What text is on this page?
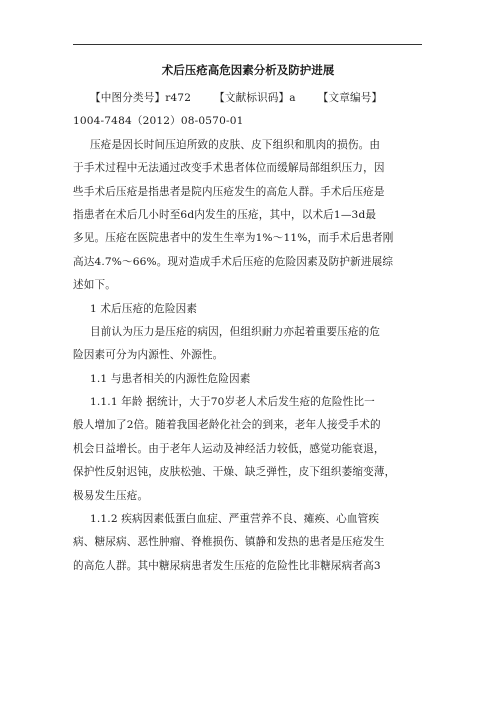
术后压疮高危因素分析及防护进展
【中图分类号】r472 【文献标识码】a 【文章编号】
1004-7484（2012）08-0570-01
压疮是因长时间压迫所致的皮肤、皮下组织和肌肉的损伤。由
于手术过程中无法通过改变手术患者体位而缓解局部组织压力，因
些手术后压疮是指患者是院内压疮发生的高危人群。手术后压疮是
指患者在术后几小时至6d内发生的压疮，其中，以术后1—3d最
多见。压疮在医院患者中的发生生率为1%～11%，而手术后患者刚
高达4.7%～66%。现对造成手术后压疮的危险因素及防护新进展综
述如下。
1 术后压疮的危险因素
目前认为压力是压疮的病因，但组织耐力亦起着重要压疮的危
险因素可分为内源性、外源性。
1.1 与患者相关的内源性危险因素
1.1.1 年龄 据统计，大于70岁老人术后发生疮的危险性比一
般人增加了2倍。随着我国老龄化社会的到来，老年人接受手术的
机会日益增长。由于老年人运动及神经活力较低，感觉功能衰退，
保护性反射迟钝，皮肤松弛、干燥、缺乏弹性，皮下组织萎缩变薄，
极易发生压疮。
1.1.2 疾病因素低蛋白血症、严重营养不良、瘫痪、心血管疾
病、糖尿病、恶性肿瘤、脊椎损伤、镇静和发热的患者是压疮发生
的高危人群。其中糖尿病患者发生压疮的危险性比非糖尿病者高3
